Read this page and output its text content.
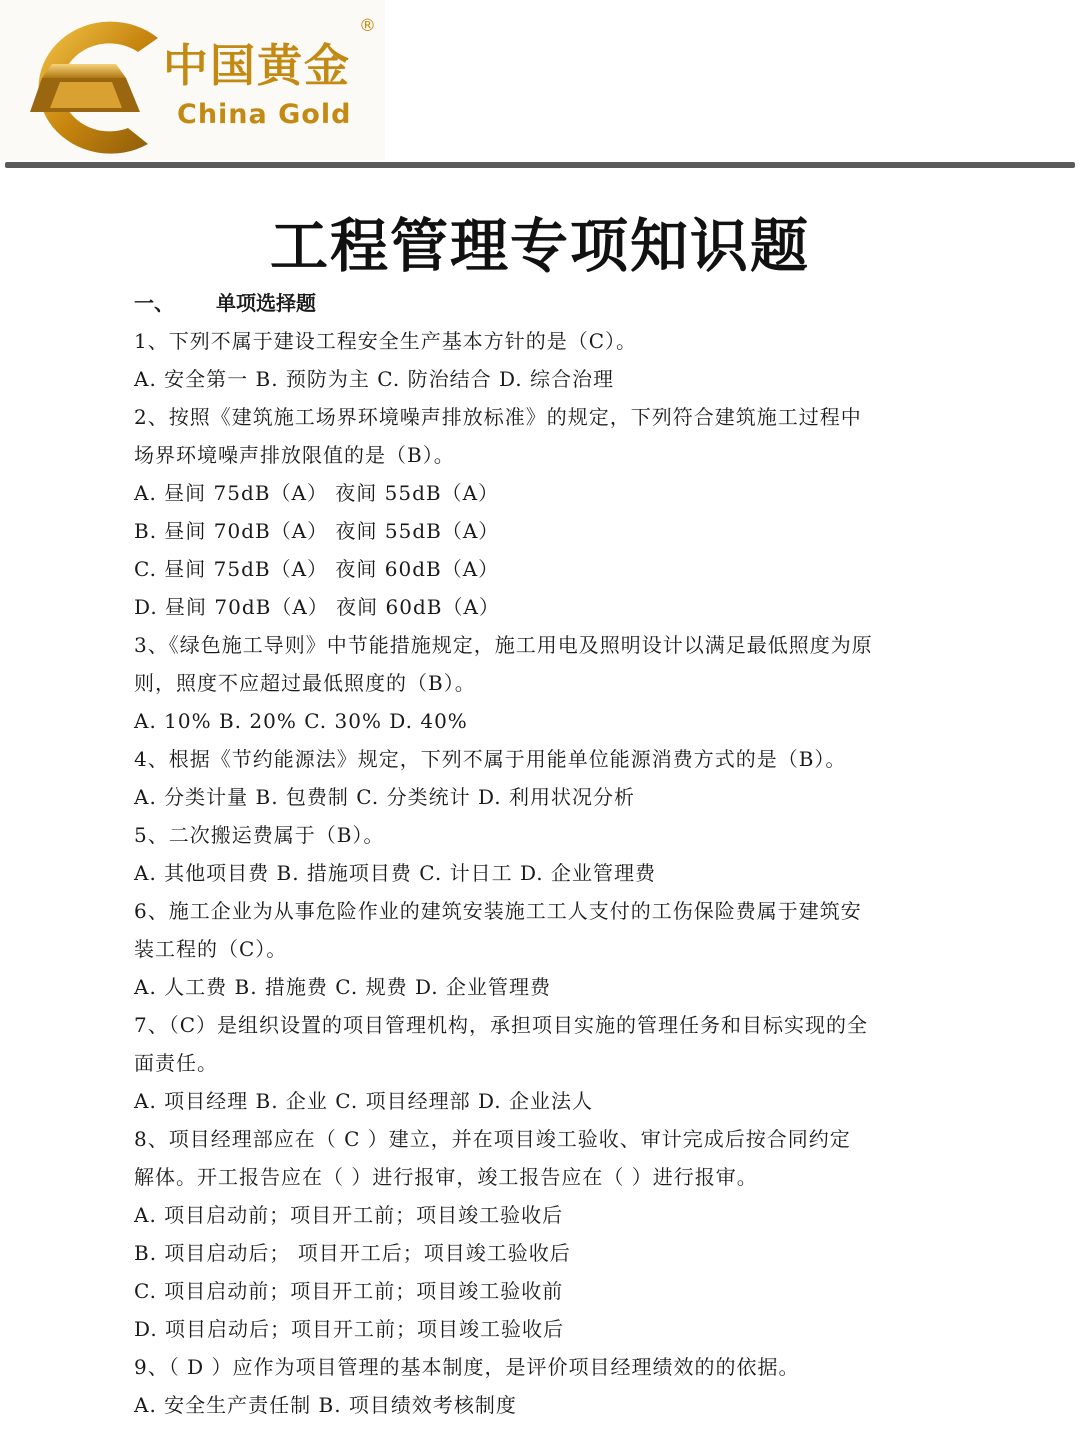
中国黄金
China Gold
®
工程管理专项知识题
一、 单项选择题
1、下列不属于建设工程安全生产基本方针的是（C）。
A. 安全第一 B. 预防为主 C. 防治结合 D. 综合治理
2、按照《建筑施工场界环境噪声排放标准》的规定，下列符合建筑施工过程中
场界环境噪声排放限值的是（B）。
A. 昼间 75dB（A） 夜间 55dB（A）
B. 昼间 70dB（A） 夜间 55dB（A）
C. 昼间 75dB（A） 夜间 60dB（A）
D. 昼间 70dB（A） 夜间 60dB（A）
3、《绿色施工导则》中节能措施规定，施工用电及照明设计以满足最低照度为原
则，照度不应超过最低照度的（B）。
A. 10% B. 20% C. 30% D. 40%
4、根据《节约能源法》规定，下列不属于用能单位能源消费方式的是（B）。
A. 分类计量 B. 包费制 C. 分类统计 D. 利用状况分析
5、二次搬运费属于（B）。
A. 其他项目费 B. 措施项目费 C. 计日工 D. 企业管理费
6、施工企业为从事危险作业的建筑安装施工工人支付的工伤保险费属于建筑安
装工程的（C）。
A. 人工费 B. 措施费 C. 规费 D. 企业管理费
7、（C）是组织设置的项目管理机构，承担项目实施的管理任务和目标实现的全
面责任。
A. 项目经理 B. 企业 C. 项目经理部 D. 企业法人
8、项目经理部应在（ C ）建立，并在项目竣工验收、审计完成后按合同约定
解体。开工报告应在（ ）进行报审，竣工报告应在（ ）进行报审。
A. 项目启动前；项目开工前；项目竣工验收后
B. 项目启动后； 项目开工后；项目竣工验收后
C. 项目启动前；项目开工前；项目竣工验收前
D. 项目启动后；项目开工前；项目竣工验收后
9、（ D ）应作为项目管理的基本制度，是评价项目经理绩效的的依据。
A. 安全生产责任制 B. 项目绩效考核制度
